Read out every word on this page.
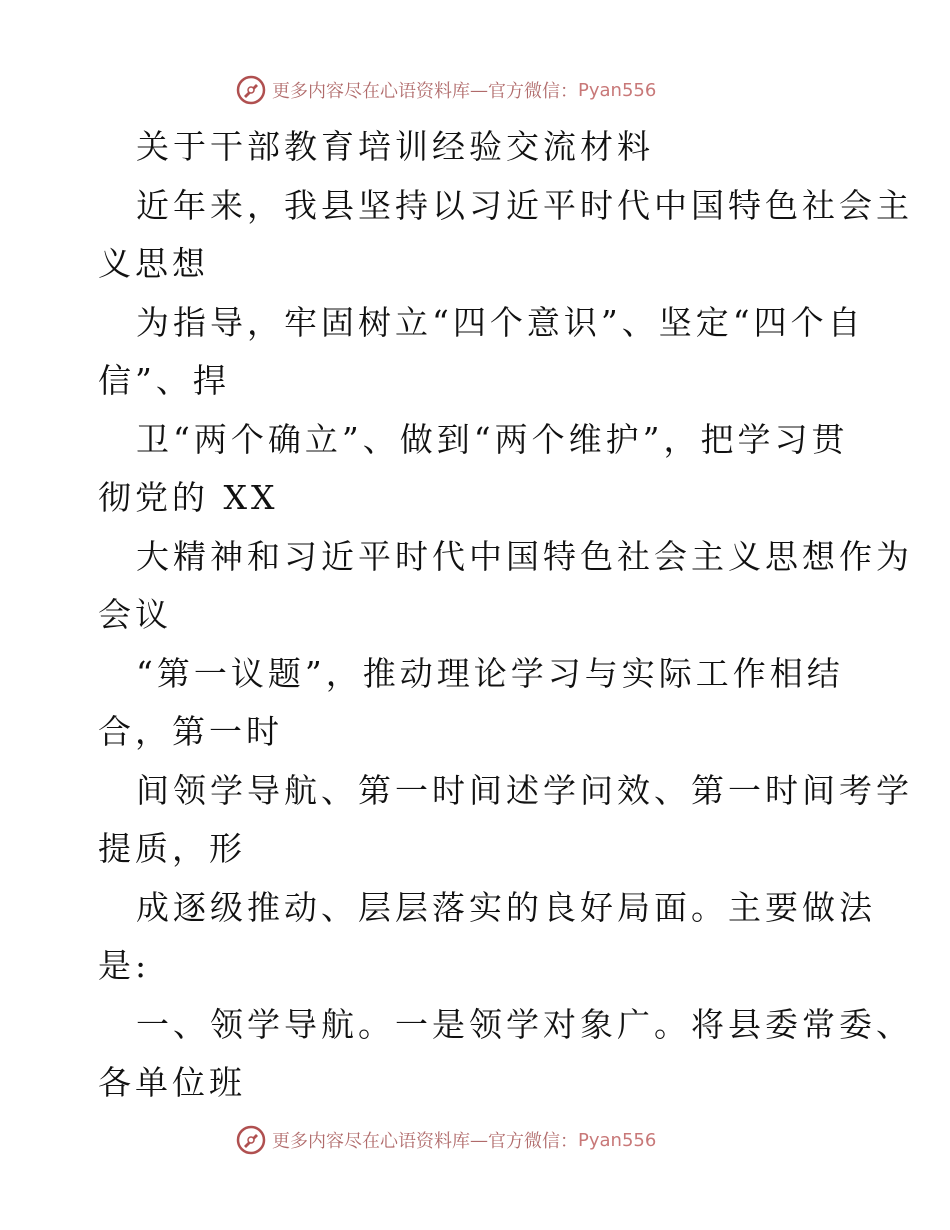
更多内容尽在心语资料库 — 官方微信： Pyan556
关于干部教育培训经验交流材料
近年来，我县坚持以习近平时代中国特色社会主
义思想
为指导，牢固树立“四个意识”、坚定“四个自
信”、捍
卫“两个确立”、做到“两个维护”，把学习贯
彻党的 XX
大精神和习近平时代中国特色社会主义思想作为
会议
“第一议题”，推动理论学习与实际工作相结
合，第一时
间领学导航、第一时间述学问效、第一时间考学
提质，形
成逐级推动、层层落实的良好局面。主要做法
是:
一、领学导航。一是领学对象广。将县委常委、
各单位班
更多内容尽在心语资料库 — 官方微信： Pyan556
